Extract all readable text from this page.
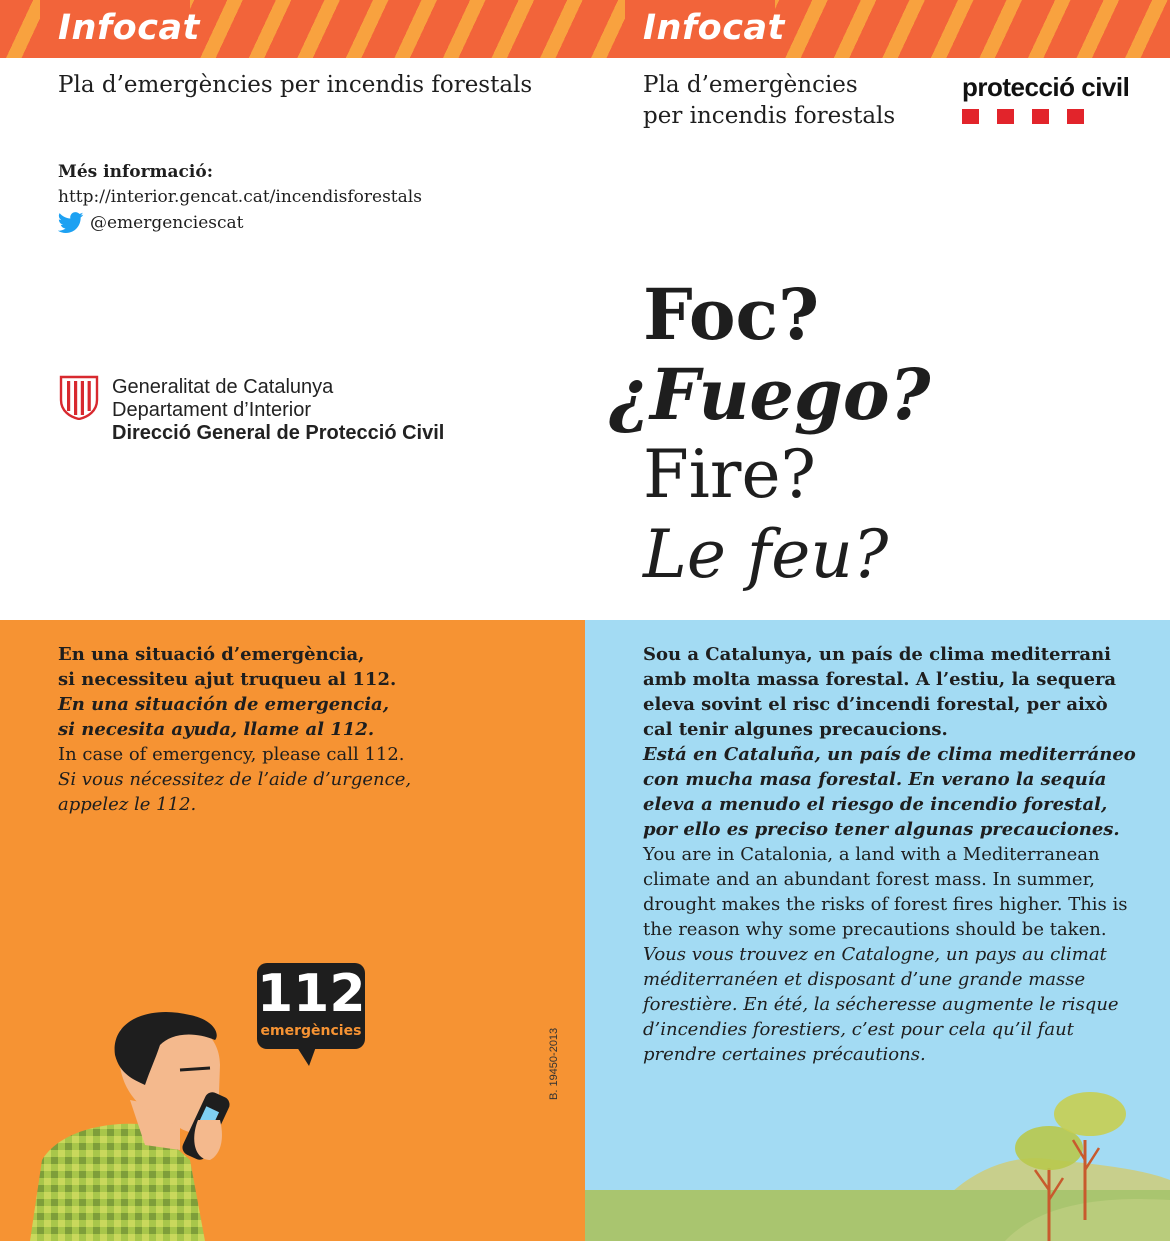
Infocat
Pla d’emergències per incendis forestals
Més informació:
http://interior.gencat.cat/incendisforestals
@emergenciescat
Generalitat de Catalunya
Departament d’Interior
Direcció General de Protecció Civil
Infocat
Pla d’emergències
per incendis forestals
protecció civil
Foc?
¿Fuego?
Fire?
Le feu?
En una situació d’emergència,
si necessiteu ajut truqueu al 112.
En una situación de emergencia,
si necesita ayuda, llame al 112.
In case of emergency, please call 112.
Si vous nécessitez de l’aide d’urgence,
appelez le 112.
112
emergències	B. 19450-2013
Sou a Catalunya, un país de clima mediterrani amb molta massa forestal. A l’estiu, la sequera eleva sovint el risc d’incendi forestal, per això cal tenir algunes precaucions.
Está en Cataluña, un país de clima mediterráneo con mucha masa forestal. En verano la sequía eleva a menudo el riesgo de incendio forestal, por ello es preciso tener algunas precauciones.
You are in Catalonia, a land with a Mediterranean climate and an abundant forest mass. In summer, drought makes the risks of forest fires higher. This is the reason why some precautions should be taken.
Vous vous trouvez en Catalogne, un pays au climat méditerranéen et disposant d’une grande masse forestière. En été, la sécheresse augmente le risque d’incendies forestiers, c’est pour cela qu’il faut prendre certaines précautions.
